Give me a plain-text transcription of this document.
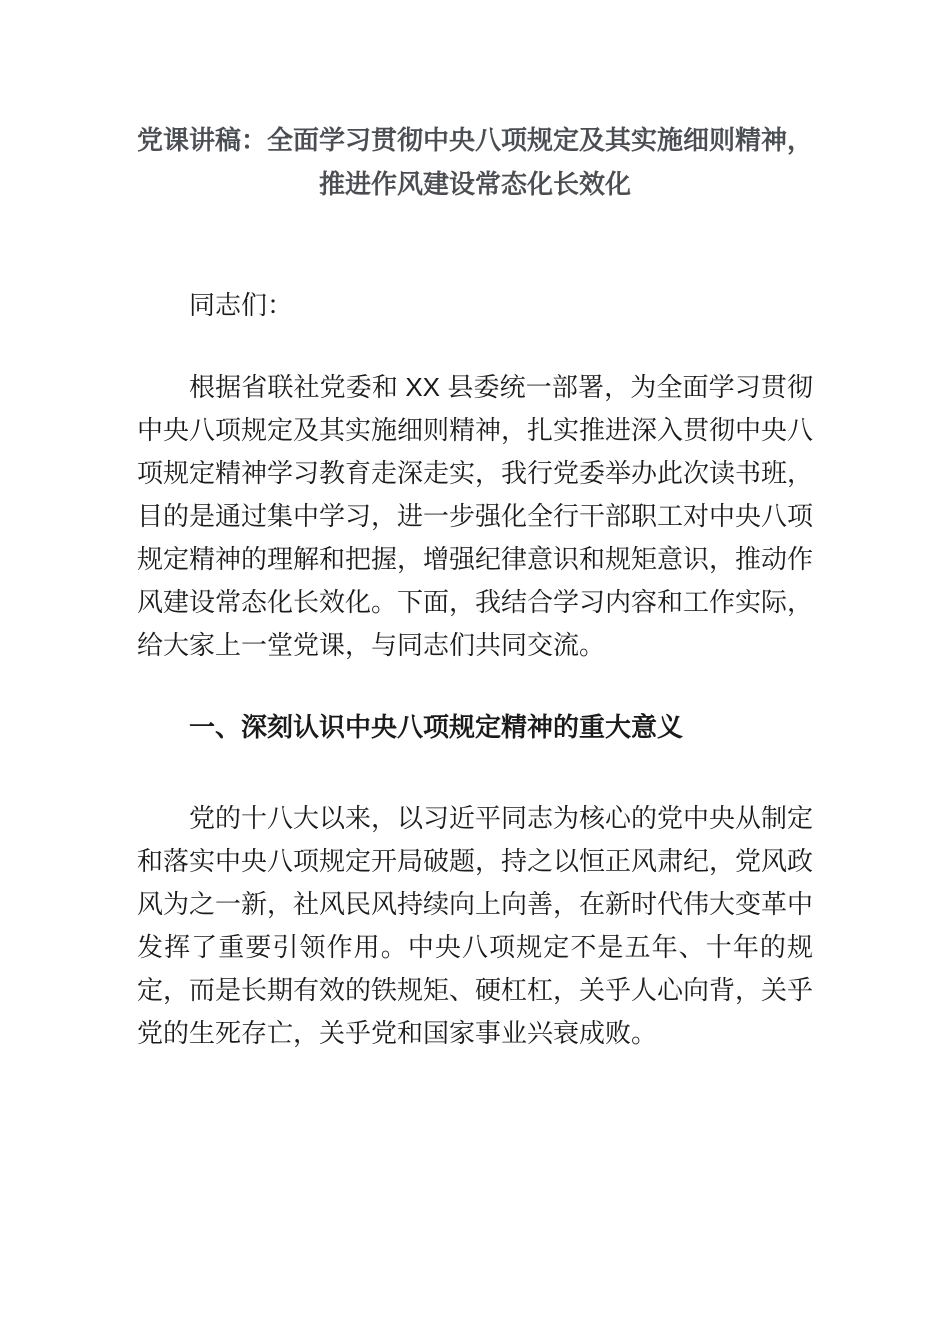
党课讲稿：全面学习贯彻中央八项规定及其实施细则精神，
推进作风建设常态化长效化

同志们：

根据省联社党委和 XX 县委统一部署，为全面学习贯彻中央八项规定及其实施细则精神，扎实推进深入贯彻中央八项规定精神学习教育走深走实，我行党委举办此次读书班，目的是通过集中学习，进一步强化全行干部职工对中央八项规定精神的理解和把握，增强纪律意识和规矩意识，推动作风建设常态化长效化。下面，我结合学习内容和工作实际，给大家上一堂党课，与同志们共同交流。

一、深刻认识中央八项规定精神的重大意义

党的十八大以来，以习近平同志为核心的党中央从制定和落实中央八项规定开局破题，持之以恒正风肃纪，党风政风为之一新，社风民风持续向上向善，在新时代伟大变革中发挥了重要引领作用。中央八项规定不是五年、十年的规定，而是长期有效的铁规矩、硬杠杠，关乎人心向背，关乎党的生死存亡，关乎党和国家事业兴衰成败。
